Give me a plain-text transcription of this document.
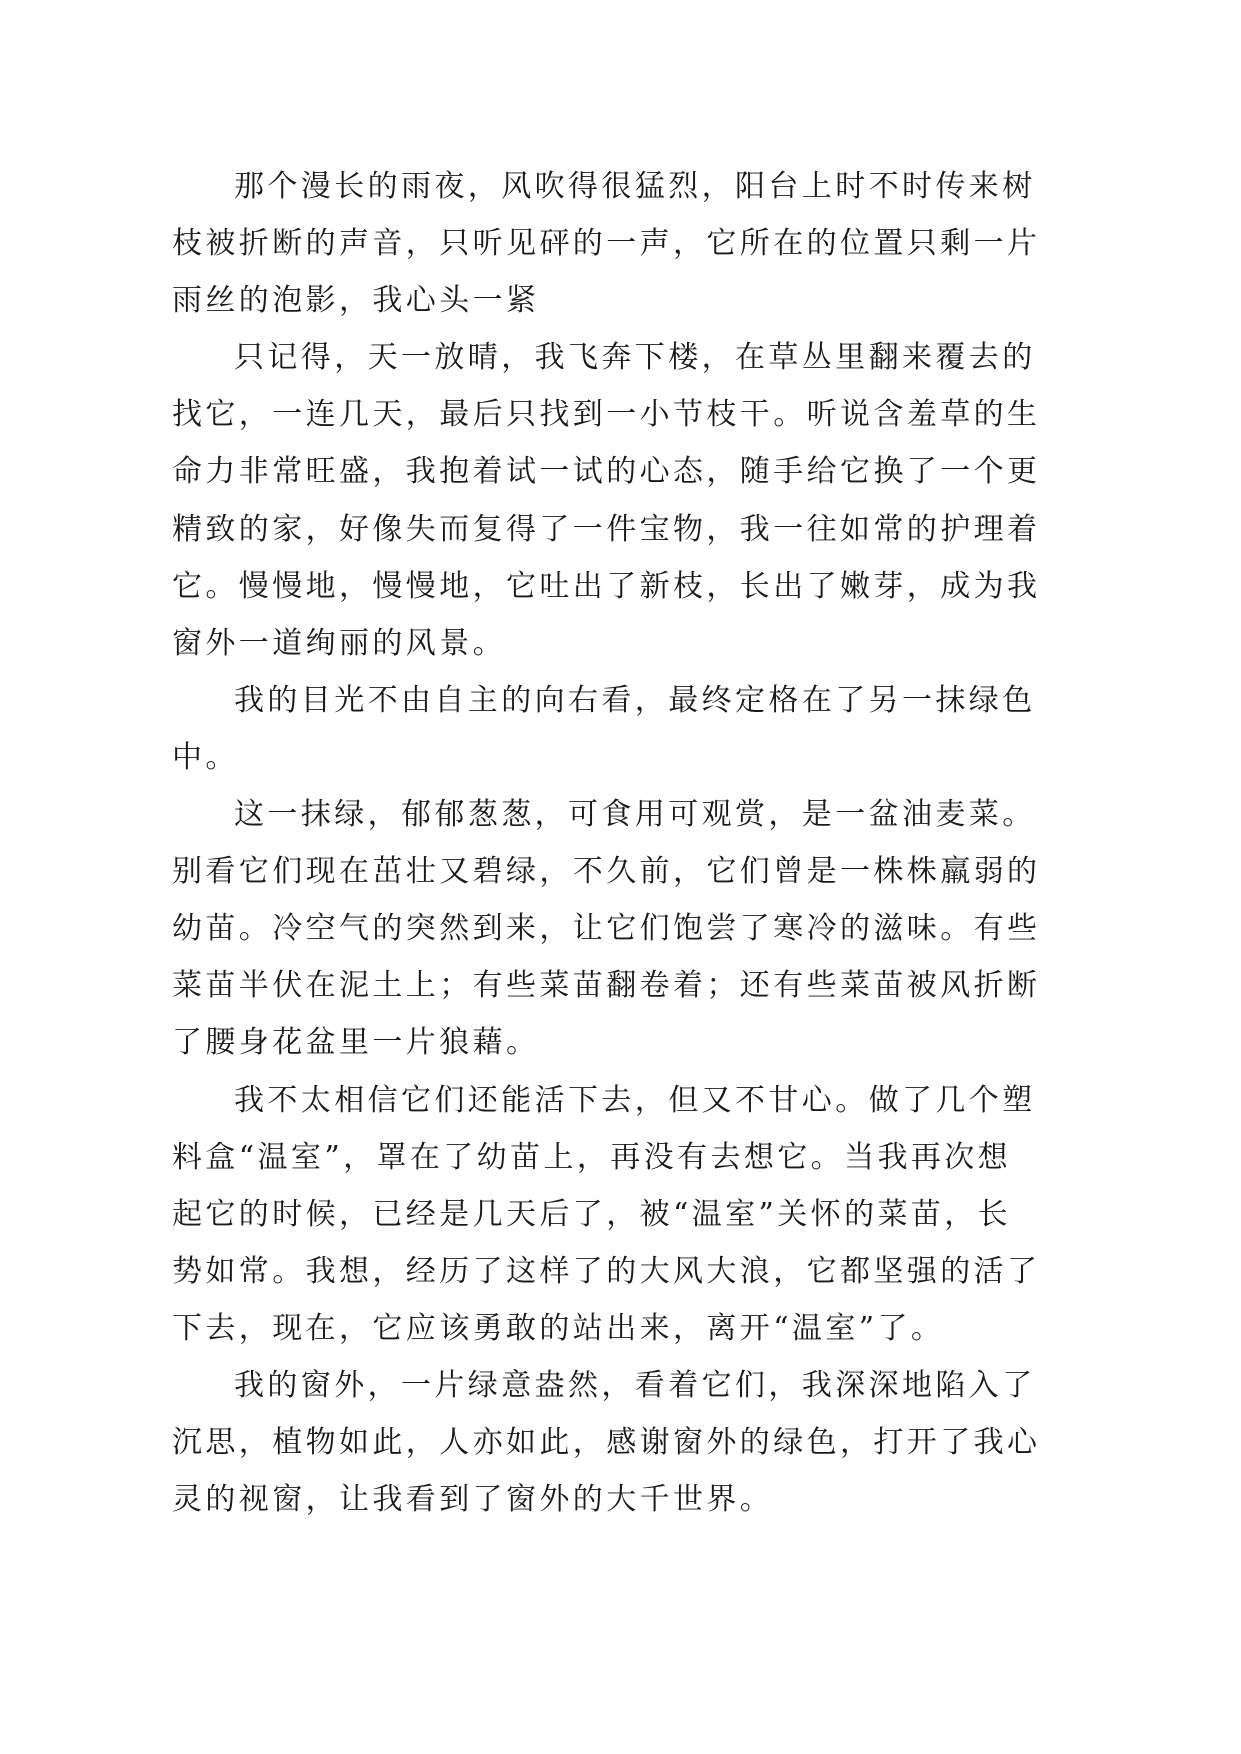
那个漫长的雨夜，风吹得很猛烈，阳台上时不时传来树
枝被折断的声音，只听见砰的一声，它所在的位置只剩一片
雨丝的泡影，我心头一紧
只记得，天一放晴，我飞奔下楼，在草丛里翻来覆去的
找它，一连几天，最后只找到一小节枝干。听说含羞草的生
命力非常旺盛，我抱着试一试的心态，随手给它换了一个更
精致的家，好像失而复得了一件宝物，我一往如常的护理着
它。慢慢地，慢慢地，它吐出了新枝，长出了嫩芽，成为我
窗外一道绚丽的风景。
我的目光不由自主的向右看，最终定格在了另一抹绿色
中。
这一抹绿，郁郁葱葱，可食用可观赏，是一盆油麦菜。
别看它们现在茁壮又碧绿，不久前，它们曾是一株株羸弱的
幼苗。冷空气的突然到来，让它们饱尝了寒冷的滋味。有些
菜苗半伏在泥土上；有些菜苗翻卷着；还有些菜苗被风折断
了腰身花盆里一片狼藉。
我不太相信它们还能活下去，但又不甘心。做了几个塑
料盒“温室”，罩在了幼苗上，再没有去想它。当我再次想
起它的时候，已经是几天后了，被“温室”关怀的菜苗，长
势如常。我想，经历了这样了的大风大浪，它都坚强的活了
下去，现在，它应该勇敢的站出来，离开“温室”了。
我的窗外，一片绿意盎然，看着它们，我深深地陷入了
沉思，植物如此，人亦如此，感谢窗外的绿色，打开了我心
灵的视窗，让我看到了窗外的大千世界。
